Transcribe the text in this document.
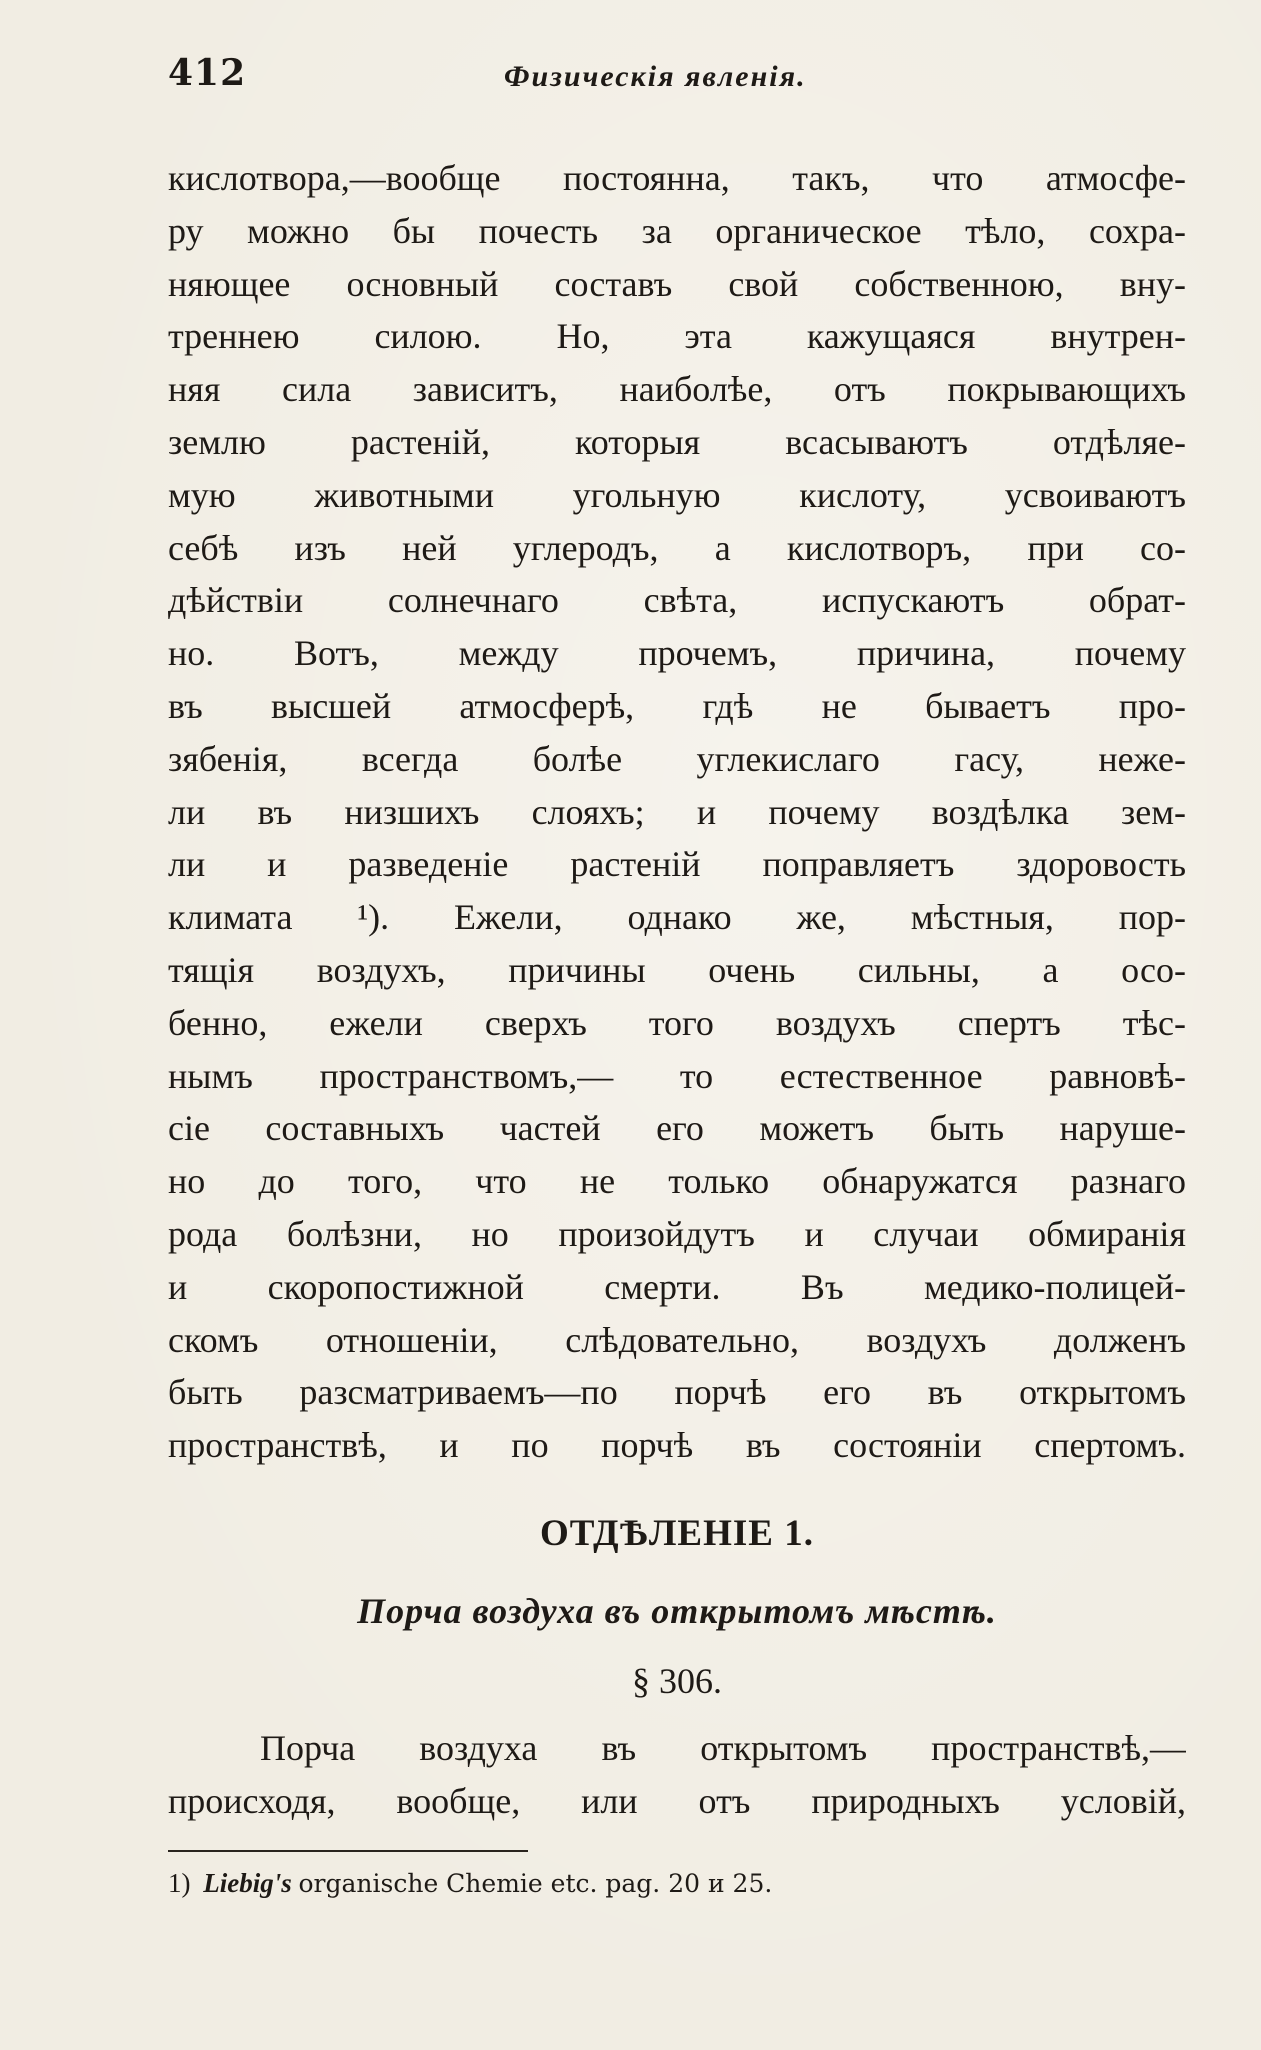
412	Физическія явленія.
кислотвора,—вообще постоянна, такъ, что атмосфе-
ру можно бы почесть за органическое тѣло, сохра-
няющее основный составъ свой собственною, вну-
треннею силою. Но, эта кажущаяся внутрен-
няя сила зависитъ, наиболѣе, отъ покрывающихъ
землю растеній, которыя всасываютъ отдѣляе-
мую животными угольную кислоту, усвоиваютъ
себѣ изъ ней углеродъ, а кислотворъ, при со-
дѣйствіи солнечнаго свѣта, испускаютъ обрат-
но. Вотъ, между прочемъ, причина, почему
въ высшей атмосферѣ, гдѣ не бываетъ про-
зябенія, всегда болѣе углекислаго гасу, неже-
ли въ низшихъ слояхъ; и почему воздѣлка зем-
ли и разведеніе растеній поправляетъ здоровость
климата ¹). Ежели, однако же, мѣстныя, пор-
тящія воздухъ, причины очень сильны, а осо-
бенно, ежели сверхъ того воздухъ спертъ тѣс-
нымъ пространствомъ,— то естественное равновѣ-
сіе составныхъ частей его можетъ быть наруше-
но до того, что не только обнаружатся разнаго
рода болѣзни, но произойдутъ и случаи обмиранія
и скоропостижной смерти. Въ медико-полицей-
скомъ отношеніи, слѣдовательно, воздухъ долженъ
быть разсматриваемъ—по порчѣ его въ открытомъ
пространствѣ, и по порчѣ въ состояніи спертомъ.
ОТДѢЛЕНІЕ 1.
Порча воздуха въ открытомъ мѣстѣ.
§ 306.
Порча воздуха въ открытомъ пространствѣ,—
происходя, вообще, или отъ природныхъ условій,
1) Liebig's organische Chemie etc. pag. 20 и 25.
